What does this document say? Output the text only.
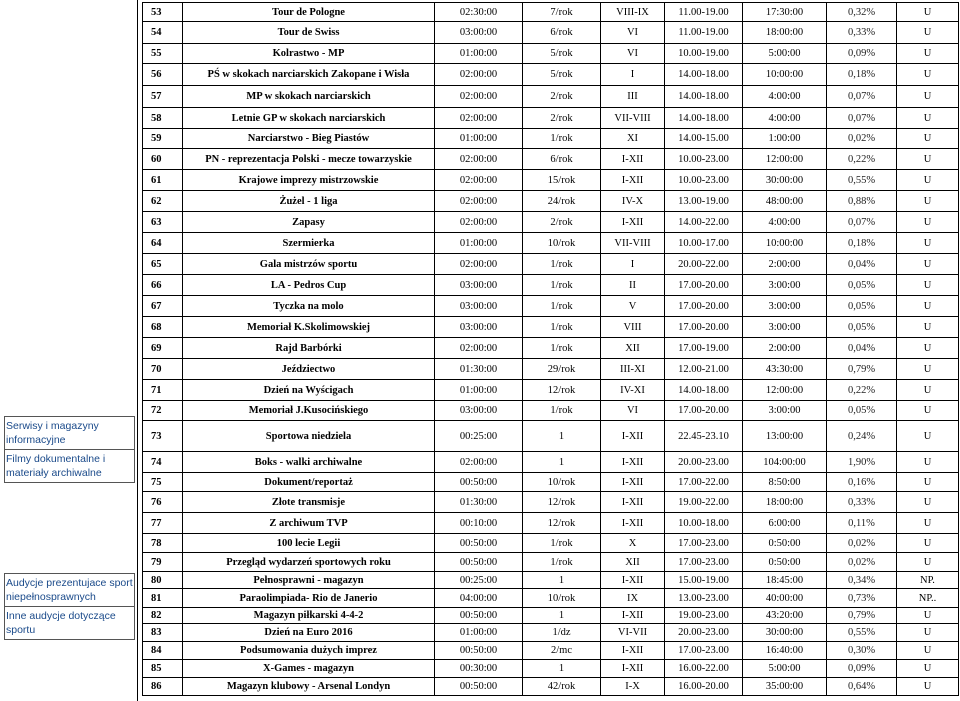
Serwisy i magazyny informacyjne
Filmy dokumentalne i materiały archiwalne
Audycje prezentujace sport niepełnosprawnych
Inne audycje dotyczące sportu
53	Tour de Pologne	02:30:00	7/rok	VIII-IX	11.00-19.00	17:30:00	0,32%	U
54	Tour de Swiss	03:00:00	6/rok	VI	11.00-19.00	18:00:00	0,33%	U
55	Kolrastwo - MP	01:00:00	5/rok	VI	10.00-19.00	5:00:00	0,09%	U
56	PŚ w skokach narciarskich Zakopane i Wisła	02:00:00	5/rok	I	14.00-18.00	10:00:00	0,18%	U
57	MP w skokach narciarskich	02:00:00	2/rok	III	14.00-18.00	4:00:00	0,07%	U
58	Letnie GP w skokach narciarskich	02:00:00	2/rok	VII-VIII	14.00-18.00	4:00:00	0,07%	U
59	Narciarstwo - Bieg Piastów	01:00:00	1/rok	XI	14.00-15.00	1:00:00	0,02%	U
60	PN - reprezentacja Polski - mecze towarzyskie	02:00:00	6/rok	I-XII	10.00-23.00	12:00:00	0,22%	U
61	Krajowe imprezy mistrzowskie	02:00:00	15/rok	I-XII	10.00-23.00	30:00:00	0,55%	U
62	Żużel - 1 liga	02:00:00	24/rok	IV-X	13.00-19.00	48:00:00	0,88%	U
63	Zapasy	02:00:00	2/rok	I-XII	14.00-22.00	4:00:00	0,07%	U
64	Szermierka	01:00:00	10/rok	VII-VIII	10.00-17.00	10:00:00	0,18%	U
65	Gala mistrzów sportu	02:00:00	1/rok	I	20.00-22.00	2:00:00	0,04%	U
66	LA - Pedros Cup	03:00:00	1/rok	II	17.00-20.00	3:00:00	0,05%	U
67	Tyczka na molo	03:00:00	1/rok	V	17.00-20.00	3:00:00	0,05%	U
68	Memoriał K.Skolimowskiej	03:00:00	1/rok	VIII	17.00-20.00	3:00:00	0,05%	U
69	Rajd Barbórki	02:00:00	1/rok	XII	17.00-19.00	2:00:00	0,04%	U
70	Jeździectwo	01:30:00	29/rok	III-XI	12.00-21.00	43:30:00	0,79%	U
71	Dzień na Wyścigach	01:00:00	12/rok	IV-XI	14.00-18.00	12:00:00	0,22%	U
72	Memoriał J.Kusocińskiego	03:00:00	1/rok	VI	17.00-20.00	3:00:00	0,05%	U
73	Sportowa niedziela	00:25:00	1	I-XII	22.45-23.10	13:00:00	0,24%	U
74	Boks - walki archiwalne	02:00:00	1	I-XII	20.00-23.00	104:00:00	1,90%	U
75	Dokument/reportaż	00:50:00	10/rok	I-XII	17.00-22.00	8:50:00	0,16%	U
76	Złote transmisje	01:30:00	12/rok	I-XII	19.00-22.00	18:00:00	0,33%	U
77	Z archiwum TVP	00:10:00	12/rok	I-XII	10.00-18.00	6:00:00	0,11%	U
78	100 lecie Legii	00:50:00	1/rok	X	17.00-23.00	0:50:00	0,02%	U
79	Przegląd wydarzeń sportowych roku	00:50:00	1/rok	XII	17.00-23.00	0:50:00	0,02%	U
80	Pełnosprawni - magazyn	00:25:00	1	I-XII	15.00-19.00	18:45:00	0,34%	NP.
81	Paraolimpiada- Rio de Janerio	04:00:00	10/rok	IX	13.00-23.00	40:00:00	0,73%	NP..
82	Magazyn piłkarski 4-4-2	00:50:00	1	I-XII	19.00-23.00	43:20:00	0,79%	U
83	Dzień na Euro 2016	01:00:00	1/dz	VI-VII	20.00-23.00	30:00:00	0,55%	U
84	Podsumowania dużych imprez	00:50:00	2/mc	I-XII	17.00-23.00	16:40:00	0,30%	U
85	X-Games - magazyn	00:30:00	1	I-XII	16.00-22.00	5:00:00	0,09%	U
86	Magazyn klubowy - Arsenal Londyn	00:50:00	42/rok	I-X	16.00-20.00	35:00:00	0,64%	U
